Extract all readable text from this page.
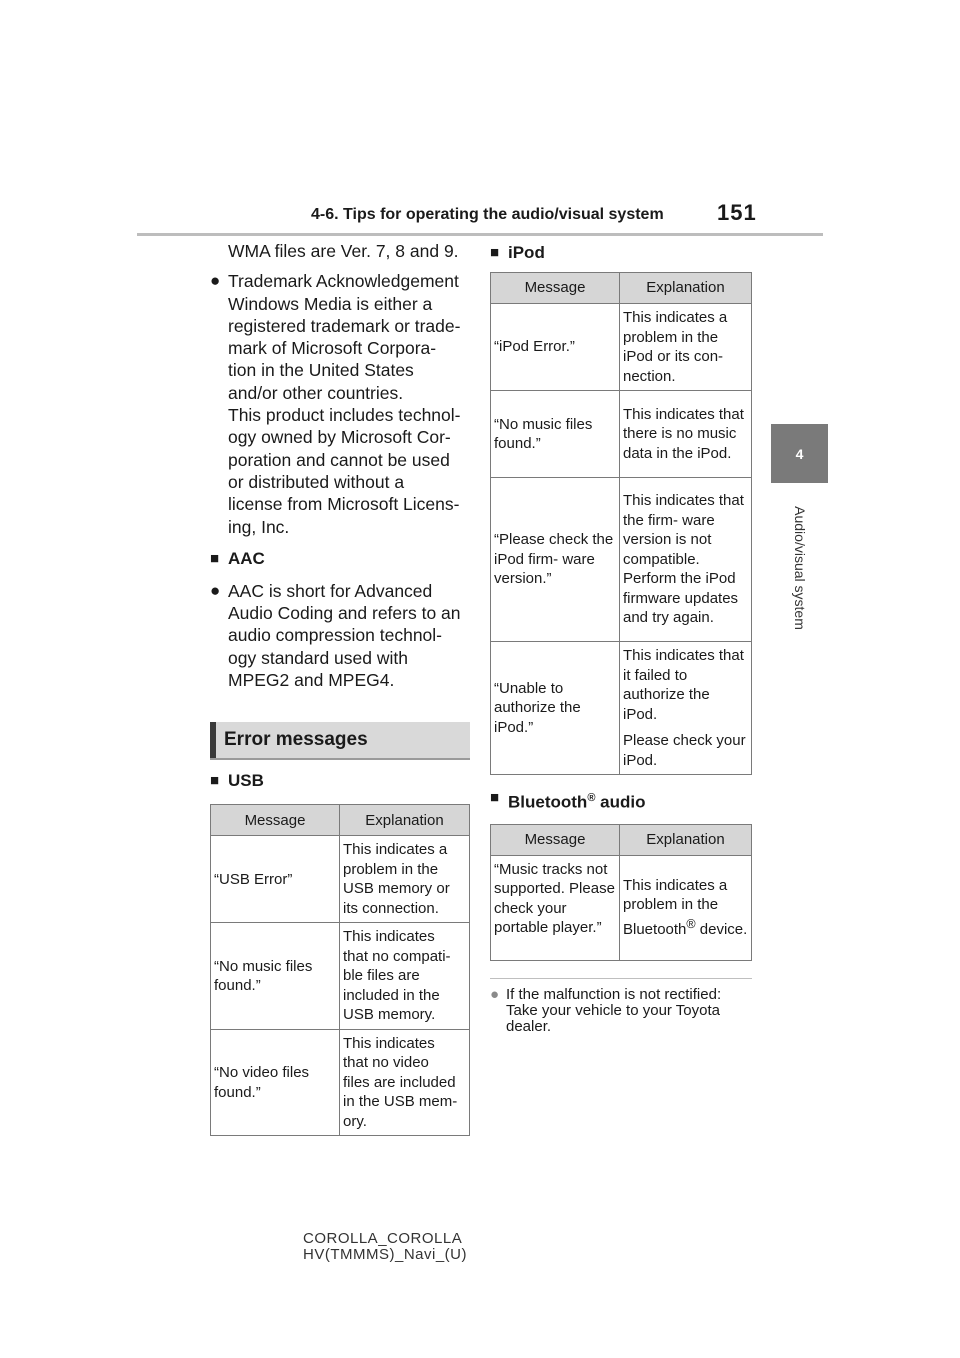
4-6. Tips for operating the audio/visual system 151
4
Audio/visual system
WMA files are Ver. 7, 8 and 9.
● Trademark Acknowledgement
Windows Media is either a
registered trademark or trade-
mark of Microsoft Corpora-
tion in the United States
and/or other countries.
This product includes technol-
ogy owned by Microsoft Cor-
poration and cannot be used
or distributed without a
license from Microsoft Licens-
ing, Inc.
■ AAC
● AAC is short for Advanced
Audio Coding and refers to an
audio compression technol-
ogy standard used with
MPEG2 and MPEG4.
Error messages
■ USB
Message	Explanation
“USB Error”	This indicates a
problem in the
USB memory or
its connection.

“No music files found.”	This indicates
that no compati-
ble files are
included in the
USB memory.

“No video files found.”	This indicates
that no video
files are included
in the USB mem-
ory.
■ iPod
Message	Explanation
“iPod Error.”	This indicates a problem in the iPod or its con- nection.
“No music files found.”	This indicates that there is no music data in the iPod.
“Please check the iPod firm- ware version.”	This indicates that the firm- ware version is not compatible. Perform the iPod firmware updates and try again.
“Unable to authorize the iPod.”	This indicates that it failed to authorize the iPod.

Please check your iPod.

■ Bluetooth® audio
Message	Explanation
“Music tracks not supported. Please check your portable player.”	This indicates a problem in the Bluetooth® device.
● If the malfunction is not rectified: Take your vehicle to your Toyota dealer.
COROLLA_COROLLA
HV(TMMMS)_Navi_(U)
